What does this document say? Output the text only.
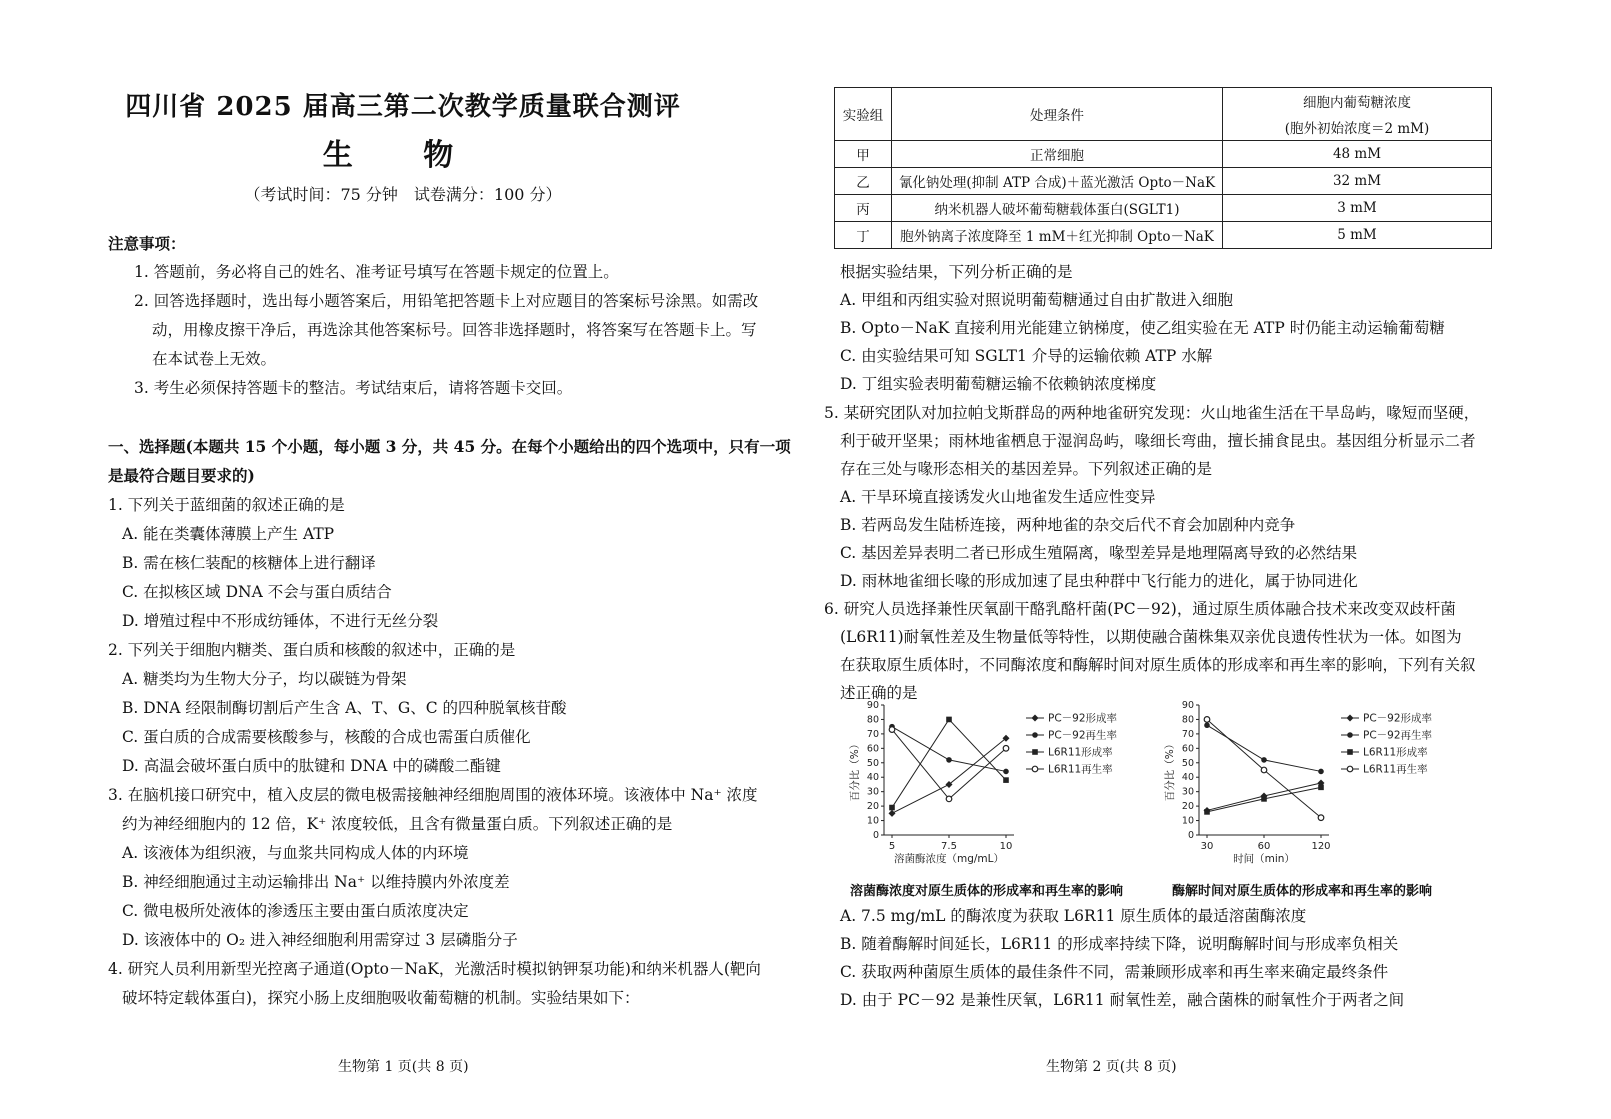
四川省 2025 届高三第二次教学质量联合测评
生 物
（考试时间：75 分钟　试卷满分：100 分）
注意事项：
1. 答题前，务必将自己的姓名、准考证号填写在答题卡规定的位置上。
2. 回答选择题时，选出每小题答案后，用铅笔把答题卡上对应题目的答案标号涂黑。如需改
动，用橡皮擦干净后，再选涂其他答案标号。回答非选择题时，将答案写在答题卡上。写
在本试卷上无效。
3. 考生必须保持答题卡的整洁。考试结束后，请将答题卡交回。
一、选择题(本题共 15 个小题，每小题 3 分，共 45 分。在每个小题给出的四个选项中，只有一项
是最符合题目要求的)
1. 下列关于蓝细菌的叙述正确的是
A. 能在类囊体薄膜上产生 ATP
B. 需在核仁装配的核糖体上进行翻译
C. 在拟核区域 DNA 不会与蛋白质结合
D. 增殖过程中不形成纺锤体，不进行无丝分裂
2. 下列关于细胞内糖类、蛋白质和核酸的叙述中，正确的是
A. 糖类均为生物大分子，均以碳链为骨架
B. DNA 经限制酶切割后产生含 A、T、G、C 的四种脱氧核苷酸
C. 蛋白质的合成需要核酸参与，核酸的合成也需蛋白质催化
D. 高温会破坏蛋白质中的肽键和 DNA 中的磷酸二酯键
3. 在脑机接口研究中，植入皮层的微电极需接触神经细胞周围的液体环境。该液体中 Na⁺ 浓度
约为神经细胞内的 12 倍，K⁺ 浓度较低，且含有微量蛋白质。下列叙述正确的是
A. 该液体为组织液，与血浆共同构成人体的内环境
B. 神经细胞通过主动运输排出 Na⁺ 以维持膜内外浓度差
C. 微电极所处液体的渗透压主要由蛋白质浓度决定
D. 该液体中的 O₂ 进入神经细胞利用需穿过 3 层磷脂分子
4. 研究人员利用新型光控离子通道(Opto－NaK，光激活时模拟钠钾泵功能)和纳米机器人(靶向
破坏特定载体蛋白)，探究小肠上皮细胞吸收葡萄糖的机制。实验结果如下：
生物第 1 页(共 8 页)
实验组	处理条件	细胞内葡萄糖浓度
(胞外初始浓度＝2 mM)

甲	正常细胞	48 mM
乙	氰化钠处理(抑制 ATP 合成)＋蓝光激活 Opto－NaK	32 mM
丙	纳米机器人破坏葡萄糖载体蛋白(SGLT1)	3 mM
丁	胞外钠离子浓度降至 1 mM＋红光抑制 Opto－NaK	5 mM
根据实验结果，下列分析正确的是
A. 甲组和丙组实验对照说明葡萄糖通过自由扩散进入细胞
B. Opto－NaK 直接利用光能建立钠梯度，使乙组实验在无 ATP 时仍能主动运输葡萄糖
C. 由实验结果可知 SGLT1 介导的运输依赖 ATP 水解
D. 丁组实验表明葡萄糖运输不依赖钠浓度梯度
5. 某研究团队对加拉帕戈斯群岛的两种地雀研究发现：火山地雀生活在干旱岛屿，喙短而坚硬，
利于破开坚果；雨林地雀栖息于湿润岛屿，喙细长弯曲，擅长捕食昆虫。基因组分析显示二者
存在三处与喙形态相关的基因差异。下列叙述正确的是
A. 干旱环境直接诱发火山地雀发生适应性变异
B. 若两岛发生陆桥连接，两种地雀的杂交后代不育会加剧种内竞争
C. 基因差异表明二者已形成生殖隔离，喙型差异是地理隔离导致的必然结果
D. 雨林地雀细长喙的形成加速了昆虫种群中飞行能力的进化，属于协同进化
6. 研究人员选择兼性厌氧副干酪乳酪杆菌(PC－92)，通过原生质体融合技术来改变双歧杆菌
(L6R11)耐氧性差及生物量低等特性，以期使融合菌株集双亲优良遗传性状为一体。如图为
在获取原生质体时，不同酶浓度和酶解时间对原生质体的形成率和再生率的影响，下列有关叙
述正确的是
0
10
20
30
40
50
60
70
80
90
5	7.5	10
溶菌酶浓度（mg/mL）
百分比（%）
PC－92形成率
PC－92再生率
L6R11形成率
L6R11再生率
0
10
20
30
40
50
60
70
80
90
30	60	120
时间（min）
百分比（%）
PC－92形成率
PC－92再生率
L6R11形成率
L6R11再生率
溶菌酶浓度对原生质体的形成率和再生率的影响	酶解时间对原生质体的形成率和再生率的影响
A. 7.5 mg/mL 的酶浓度为获取 L6R11 原生质体的最适溶菌酶浓度
B. 随着酶解时间延长，L6R11 的形成率持续下降，说明酶解时间与形成率负相关
C. 获取两种菌原生质体的最佳条件不同，需兼顾形成率和再生率来确定最终条件
D. 由于 PC－92 是兼性厌氧，L6R11 耐氧性差，融合菌株的耐氧性介于两者之间
生物第 2 页(共 8 页)
